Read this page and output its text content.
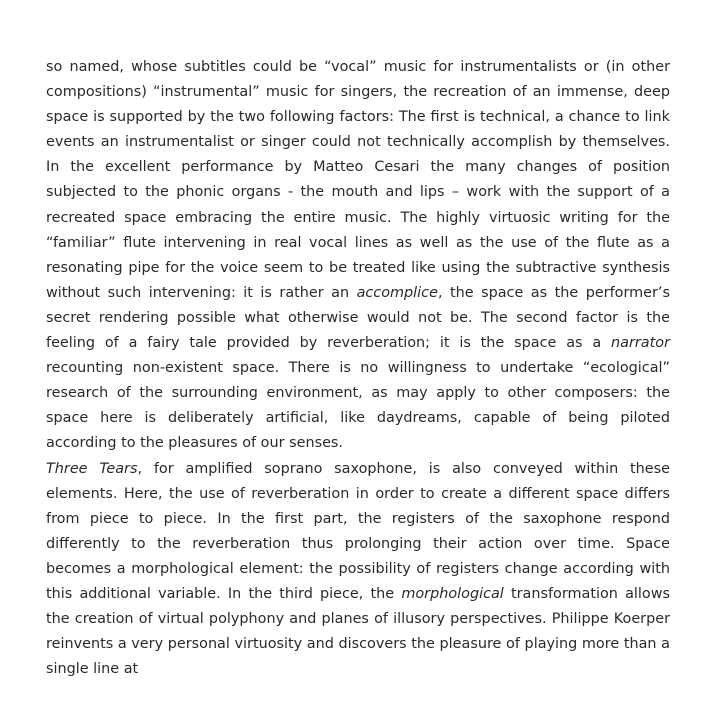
so named, whose subtitles could be “vocal” music for instrumentalists or (in other compositions) “instrumental” music for singers, the recreation of an immense, deep space is supported by the two following factors: The first is technical, a chance to link events an instrumentalist or singer could not technically accomplish by themselves. In the excellent performance by Matteo Cesari the many changes of position subjected to the phonic organs - the mouth and lips – work with the support of a recreated space embracing the entire music. The highly virtuosic writing for the “familiar” flute intervening in real vocal lines as well as the use of the flute as a resonating pipe for the voice seem to be treated like using the subtractive synthesis without such intervening: it is rather an accomplice, the space as the performer’s secret rendering possible what otherwise would not be. The second factor is the feeling of a fairy tale provided by reverberation; it is the space as a narrator recounting non-existent space. There is no willingness to undertake “ecological” research of the surrounding environment, as may apply to other composers: the space here is deliberately artificial, like daydreams, capable of being piloted according to the pleasures of our senses.

Three Tears, for amplified soprano saxophone, is also conveyed within these elements. Here, the use of reverberation in order to create a different space differs from piece to piece. In the first part, the registers of the saxophone respond differently to the reverberation thus prolonging their action over time. Space becomes a morphological element: the possibility of registers change according with this additional variable. In the third piece, the morphological transformation allows the creation of virtual polyphony and planes of illusory perspectives. Philippe Koerper reinvents a very personal virtuosity and discovers the pleasure of playing more than a single line at
